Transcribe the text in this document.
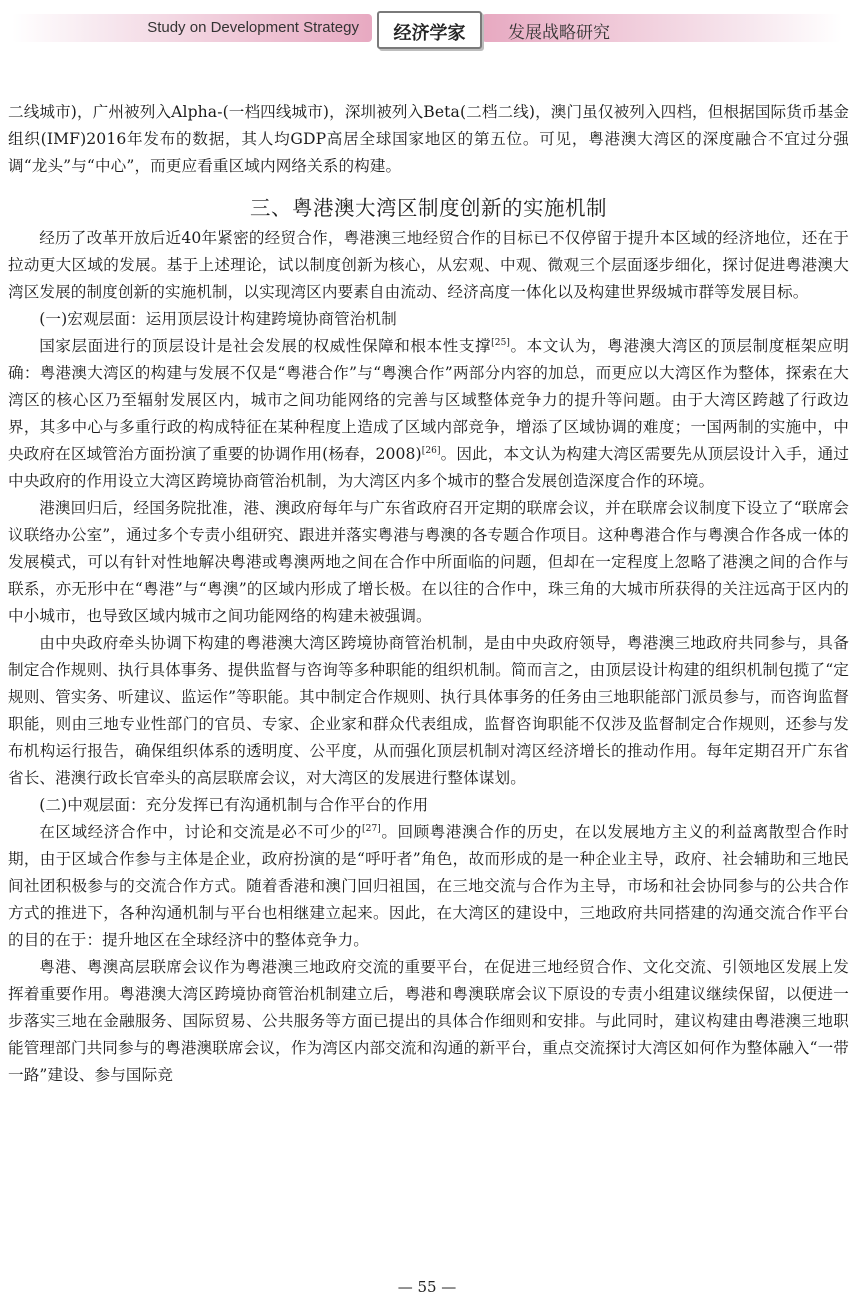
Study on Development Strategy	经济学家	发展战略研究

二线城市)，广州被列入Alpha-(一档四线城市)，深圳被列入Beta(二档二线)，澳门虽仅被列入四档，但根据国际货币基金组织(IMF)2016年发布的数据，其人均GDP高居全球国家地区的第五位。可见，粤港澳大湾区的深度融合不宜过分强调“龙头”与“中心”，而更应看重区域内网络关系的构建。

三、粤港澳大湾区制度创新的实施机制

经历了改革开放后近40年紧密的经贸合作，粤港澳三地经贸合作的目标已不仅停留于提升本区域的经济地位，还在于拉动更大区域的发展。基于上述理论，试以制度创新为核心，从宏观、中观、微观三个层面逐步细化，探讨促进粤港澳大湾区发展的制度创新的实施机制，以实现湾区内要素自由流动、经济高度一体化以及构建世界级城市群等发展目标。

(一)宏观层面：运用顶层设计构建跨境协商管治机制

国家层面进行的顶层设计是社会发展的权威性保障和根本性支撑[25]。本文认为，粤港澳大湾区的顶层制度框架应明确：粤港澳大湾区的构建与发展不仅是“粤港合作”与“粤澳合作”两部分内容的加总，而更应以大湾区作为整体，探索在大湾区的核心区乃至辐射发展区内，城市之间功能网络的完善与区域整体竞争力的提升等问题。由于大湾区跨越了行政边界，其多中心与多重行政的构成特征在某种程度上造成了区域内部竞争，增添了区域协调的难度；一国两制的实施中，中央政府在区域管治方面扮演了重要的协调作用(杨春，2008)[26]。因此，本文认为构建大湾区需要先从顶层设计入手，通过中央政府的作用设立大湾区跨境协商管治机制，为大湾区内多个城市的整合发展创造深度合作的环境。

港澳回归后，经国务院批准，港、澳政府每年与广东省政府召开定期的联席会议，并在联席会议制度下设立了“联席会议联络办公室”，通过多个专责小组研究、跟进并落实粤港与粤澳的各专题合作项目。这种粤港合作与粤澳合作各成一体的发展模式，可以有针对性地解决粤港或粤澳两地之间在合作中所面临的问题，但却在一定程度上忽略了港澳之间的合作与联系，亦无形中在“粤港”与“粤澳”的区域内形成了增长极。在以往的合作中，珠三角的大城市所获得的关注远高于区内的中小城市，也导致区域内城市之间功能网络的构建未被强调。

由中央政府牵头协调下构建的粤港澳大湾区跨境协商管治机制，是由中央政府领导，粤港澳三地政府共同参与，具备制定合作规则、执行具体事务、提供监督与咨询等多种职能的组织机制。简而言之，由顶层设计构建的组织机制包揽了“定规则、管实务、听建议、监运作”等职能。其中制定合作规则、执行具体事务的任务由三地职能部门派员参与，而咨询监督职能，则由三地专业性部门的官员、专家、企业家和群众代表组成，监督咨询职能不仅涉及监督制定合作规则，还参与发布机构运行报告，确保组织体系的透明度、公平度，从而强化顶层机制对湾区经济增长的推动作用。每年定期召开广东省省长、港澳行政长官牵头的高层联席会议，对大湾区的发展进行整体谋划。

(二)中观层面：充分发挥已有沟通机制与合作平台的作用

在区域经济合作中，讨论和交流是必不可少的[27]。回顾粤港澳合作的历史，在以发展地方主义的利益离散型合作时期，由于区域合作参与主体是企业，政府扮演的是“呼吁者”角色，故而形成的是一种企业主导，政府、社会辅助和三地民间社团积极参与的交流合作方式。随着香港和澳门回归祖国，在三地交流与合作为主导，市场和社会协同参与的公共合作方式的推进下，各种沟通机制与平台也相继建立起来。因此，在大湾区的建设中，三地政府共同搭建的沟通交流合作平台的目的在于：提升地区在全球经济中的整体竞争力。

粤港、粤澳高层联席会议作为粤港澳三地政府交流的重要平台，在促进三地经贸合作、文化交流、引领地区发展上发挥着重要作用。粤港澳大湾区跨境协商管治机制建立后，粤港和粤澳联席会议下原设的专责小组建议继续保留，以便进一步落实三地在金融服务、国际贸易、公共服务等方面已提出的具体合作细则和安排。与此同时，建议构建由粤港澳三地职能管理部门共同参与的粤港澳联席会议，作为湾区内部交流和沟通的新平台，重点交流探讨大湾区如何作为整体融入“一带一路”建设、参与国际竞

— 55 —
